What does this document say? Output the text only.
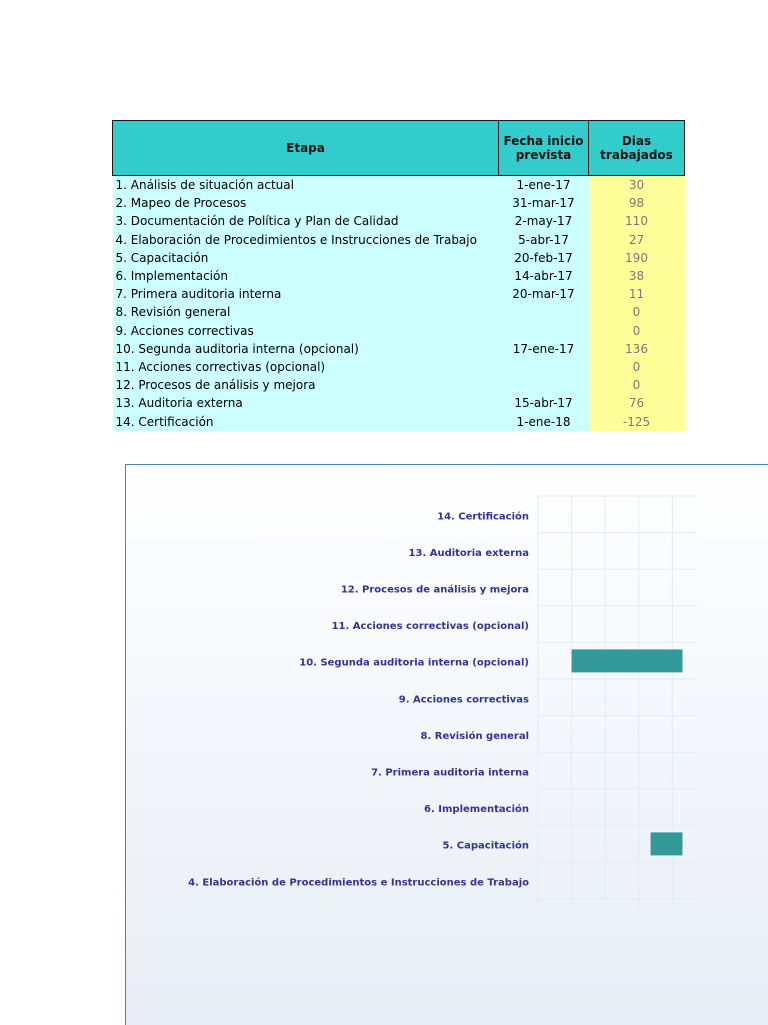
Etapa	Fecha inicio prevista	Dias trabajados
1. Análisis de situación actual	1-ene-17	30
2. Mapeo de Procesos	31-mar-17	98
3. Documentación de Política y Plan de Calidad	2-may-17	110
4. Elaboración de Procedimientos e Instrucciones de Trabajo	5-abr-17	27
5. Capacitación	20-feb-17	190
6. Implementación	14-abr-17	38
7. Primera auditoria interna	20-mar-17	11
8. Revisión general		0
9. Acciones correctivas		0
10. Segunda auditoria interna (opcional)	17-ene-17	136
11. Acciones correctivas (opcional)		0
12. Procesos de análisis y mejora		0
13. Auditoria externa	15-abr-17	76
14. Certificación	1-ene-18	-125
14. Certificación
13. Auditoria externa
12. Procesos de análisis y mejora
11. Acciones correctivas (opcional)
10. Segunda auditoria interna (opcional)
9. Acciones correctivas
8. Revisión general
7. Primera auditoria interna
6. Implementación
5. Capacitación
4. Elaboración de Procedimientos e Instrucciones de Trabajo
